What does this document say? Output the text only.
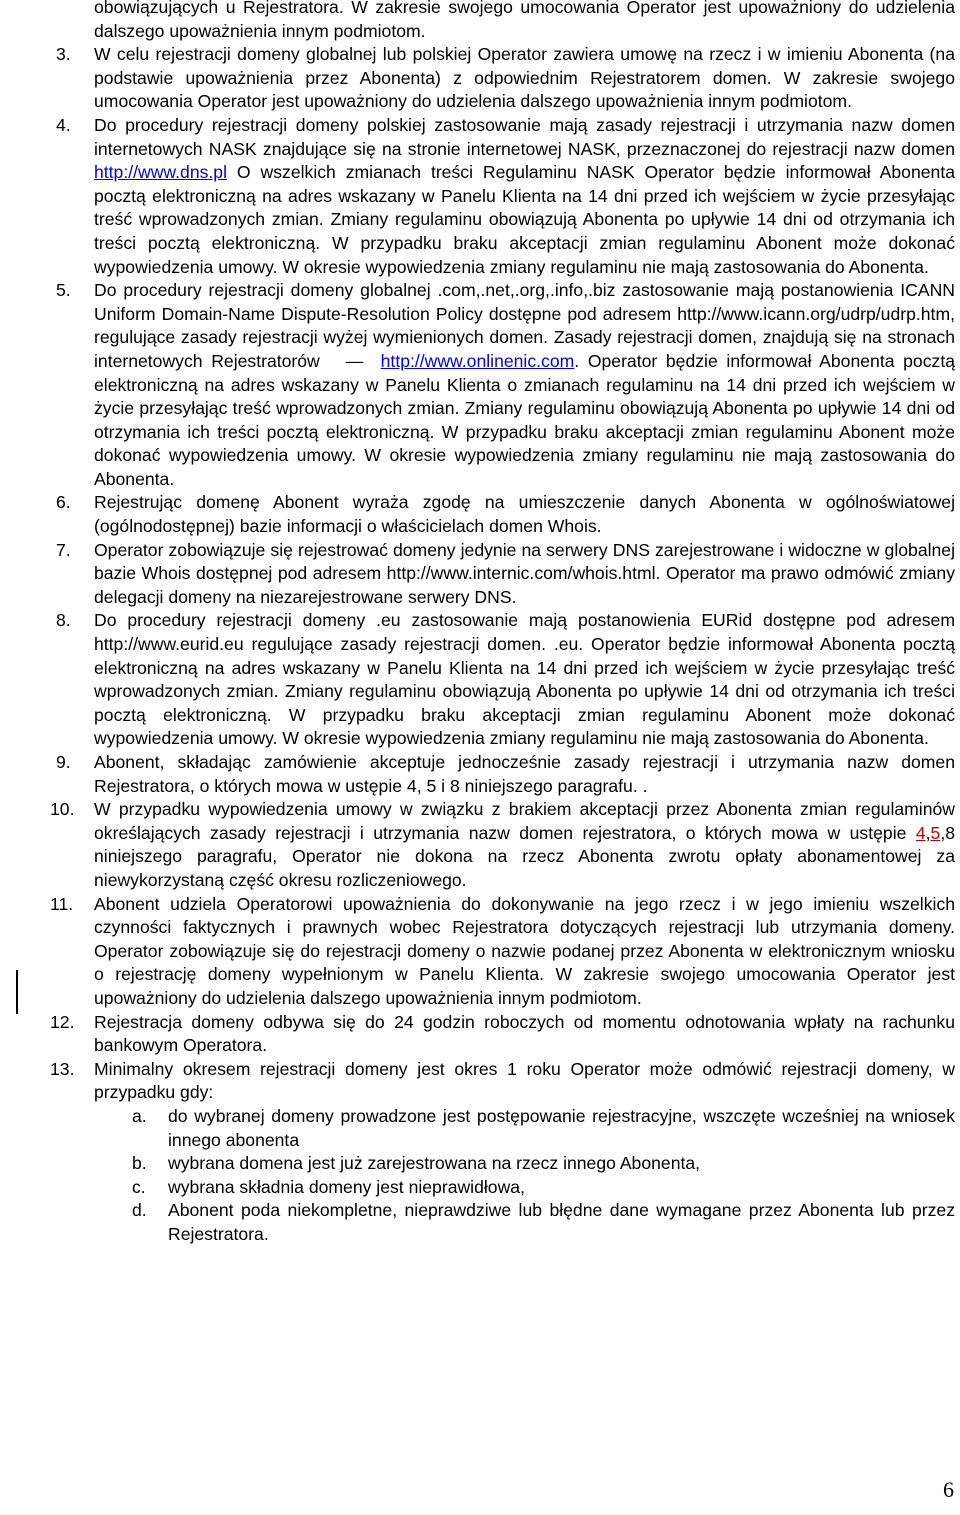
obowiązujących u Rejestratora. W zakresie swojego umocowania Operator jest upoważniony do udzielenia dalszego upoważnienia innym podmiotom.
3. W celu rejestracji domeny globalnej lub polskiej Operator zawiera umowę na rzecz i w imieniu Abonenta (na podstawie upoważnienia przez Abonenta) z odpowiednim Rejestratorem domen. W zakresie swojego umocowania Operator jest upoważniony do udzielenia dalszego upoważnienia innym podmiotom.
4. Do procedury rejestracji domeny polskiej zastosowanie mają zasady rejestracji i utrzymania nazw domen internetowych NASK znajdujące się na stronie internetowej NASK, przeznaczonej do rejestracji nazw domen http://www.dns.pl O wszelkich zmianach treści Regulaminu NASK Operator będzie informował Abonenta pocztą elektroniczną na adres wskazany w Panelu Klienta na 14 dni przed ich wejściem w życie przesyłając treść wprowadzonych zmian. Zmiany regulaminu obowiązują Abonenta po upływie 14 dni od otrzymania ich treści pocztą elektroniczną. W przypadku braku akceptacji zmian regulaminu Abonent może dokonać wypowiedzenia umowy. W okresie wypowiedzenia zmiany regulaminu nie mają zastosowania do Abonenta.
5. Do procedury rejestracji domeny globalnej .com,.net,.org,.info,.biz zastosowanie mają postanowienia ICANN Uniform Domain-Name Dispute-Resolution Policy dostępne pod adresem http://www.icann.org/udrp/udrp.htm, regulujące zasady rejestracji wyżej wymienionych domen. Zasady rejestracji domen, znajdują się na stronach internetowych Rejestratorów   —  http://www.onlinenic.com. Operator będzie informował Abonenta pocztą elektroniczną na adres wskazany w Panelu Klienta o zmianach regulaminu na 14 dni przed ich wejściem w życie przesyłając treść wprowadzonych zmian. Zmiany regulaminu obowiązują Abonenta po upływie 14 dni od otrzymania ich treści pocztą elektroniczną. W przypadku braku akceptacji zmian regulaminu Abonent może dokonać wypowiedzenia umowy. W okresie wypowiedzenia zmiany regulaminu nie mają zastosowania do Abonenta.
6. Rejestrując domenę Abonent wyraża zgodę na umieszczenie danych Abonenta w ogólnoświatowej (ogólnodostępnej) bazie informacji o właścicielach domen Whois.
7. Operator zobowiązuje się rejestrować domeny jedynie na serwery DNS zarejestrowane i widoczne w globalnej bazie Whois dostępnej pod adresem http://www.internic.com/whois.html. Operator ma prawo odmówić zmiany delegacji domeny na niezarejestrowane serwery DNS.
8. Do procedury rejestracji domeny .eu zastosowanie mają postanowienia EURid dostępne pod adresem http://www.eurid.eu regulujące zasady rejestracji domen. .eu. Operator będzie informował Abonenta pocztą elektroniczną na adres wskazany w Panelu Klienta na 14 dni przed ich wejściem w życie przesyłając treść wprowadzonych zmian. Zmiany regulaminu obowiązują Abonenta po upływie 14 dni od otrzymania ich treści pocztą elektroniczną. W przypadku braku akceptacji zmian regulaminu Abonent może dokonać wypowiedzenia umowy. W okresie wypowiedzenia zmiany regulaminu nie mają zastosowania do Abonenta.
9. Abonent, składając zamówienie akceptuje jednocześnie zasady rejestracji i utrzymania nazw domen Rejestratora, o których mowa w ustępie 4, 5 i 8 niniejszego paragrafu. .
10. W przypadku wypowiedzenia umowy w związku z brakiem akceptacji przez Abonenta zmian regulaminów określających zasady rejestracji i utrzymania nazw domen rejestratora, o których mowa w ustępie 4,5,8 niniejszego paragrafu, Operator nie dokona na rzecz Abonenta zwrotu opłaty abonamentowej za niewykorzystaną część okresu rozliczeniowego.
11. Abonent udziela Operatorowi upoważnienia do dokonywanie na jego rzecz i w jego imieniu wszelkich czynności faktycznych i prawnych wobec Rejestratora dotyczących rejestracji lub utrzymania domeny. Operator zobowiązuje się do rejestracji domeny o nazwie podanej przez Abonenta w elektronicznym wniosku o rejestrację domeny wypełnionym w Panelu Klienta. W zakresie swojego umocowania Operator jest upoważniony do udzielenia dalszego upoważnienia innym podmiotom.
12. Rejestracja domeny odbywa się do 24 godzin roboczych od momentu odnotowania wpłaty na rachunku bankowym Operatora.
13. Minimalny okresem rejestracji domeny jest okres 1 roku Operator może odmówić rejestracji domeny, w przypadku gdy:
a. do wybranej domeny prowadzone jest postępowanie rejestracyjne, wszczęte wcześniej na wniosek innego abonenta
b. wybrana domena jest już zarejestrowana na rzecz innego Abonenta,
c. wybrana składnia domeny jest nieprawidłowa,
d. Abonent poda niekompletne, nieprawdziwe lub błędne dane wymagane przez Abonenta lub przez Rejestratora.
6
